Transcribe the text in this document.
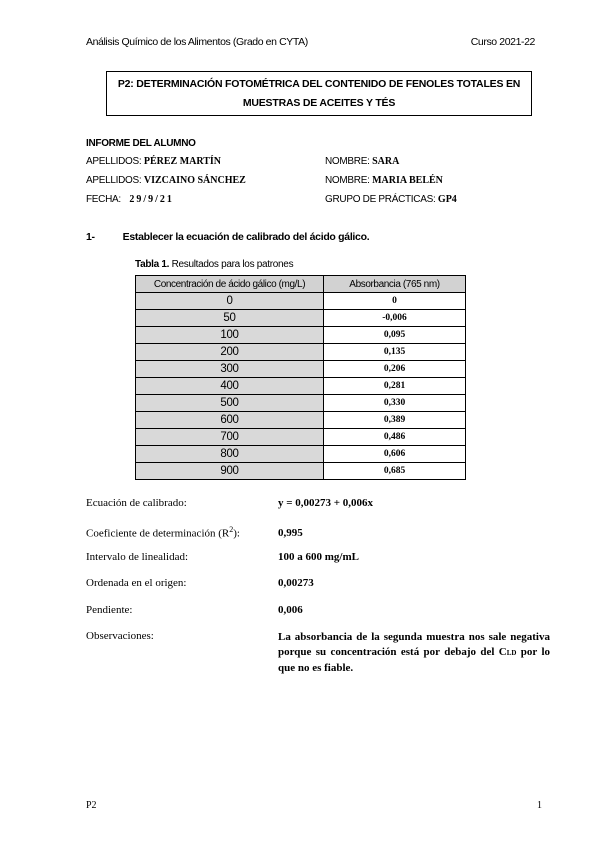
Análisis Químico de los Alimentos (Grado en CYTA)	Curso 2021-22
P2: DETERMINACIÓN FOTOMÉTRICA DEL CONTENIDO DE FENOLES TOTALES EN
MUESTRAS DE ACEITES Y TÉS
INFORME DEL ALUMNO
APELLIDOS: PÉREZ MARTÍN	NOMBRE: SARA
APELLIDOS: VIZCAINO SÁNCHEZ	NOMBRE: MARIA BELÉN
FECHA: 29/9/21	GRUPO DE PRÁCTICAS: GP4
1-	Establecer la ecuación de calibrado del ácido gálico.
Tabla 1. Resultados para los patrones
Concentración de ácido gálico (mg/L)	Absorbancia (765 nm)
0	0
50	-0,006
100	0,095
200	0,135
300	0,206
400	0,281
500	0,330
600	0,389
700	0,486
800	0,606
900	0,685
Ecuación de calibrado:	y = 0,00273 + 0,006x
Coeficiente de determinación $(R^2)$:	0,995
Intervalo de linealidad:	100 a 600 mg/mL
Ordenada en el origen:	0,00273
Pendiente:	0,006
Observaciones:	La absorbancia de la segunda muestra nos sale negativa porque su concentración está por debajo del CLD por lo que no es fiable.
P2	1
